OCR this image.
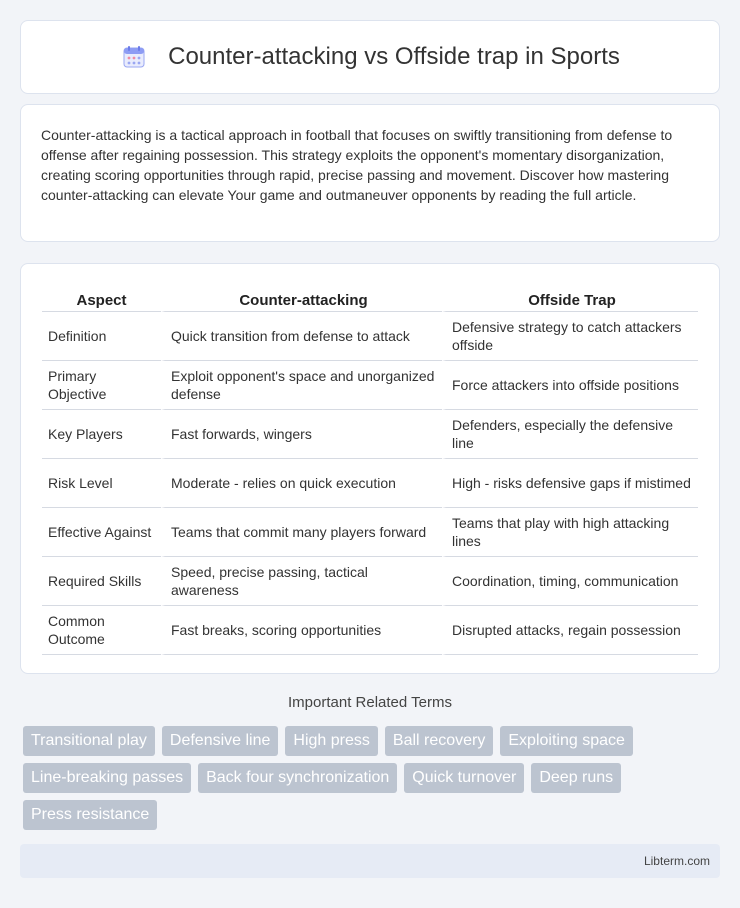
Counter-attacking vs Offside trap in Sports

Counter-attacking is a tactical approach in football that focuses on swiftly transitioning from defense to offense after regaining possession. This strategy exploits the opponent's momentary disorganization, creating scoring opportunities through rapid, precise passing and movement. Discover how mastering counter-attacking can elevate Your game and outmaneuver opponents by reading the full article.

Aspect	Counter-attacking	Offside Trap
Definition	Quick transition from defense to attack	Defensive strategy to catch attackers offside
Primary Objective	Exploit opponent's space and unorganized defense	Force attackers into offside positions
Key Players	Fast forwards, wingers	Defenders, especially the defensive line
Risk Level	Moderate - relies on quick execution	High - risks defensive gaps if mistimed
Effective Against	Teams that commit many players forward	Teams that play with high attacking lines
Required Skills	Speed, precise passing, tactical awareness	Coordination, timing, communication
Common Outcome	Fast breaks, scoring opportunities	Disrupted attacks, regain possession
Important Related Terms
Transitional play	Defensive line	High press	Ball recovery	Exploiting space
Line-breaking passes	Back four synchronization	Quick turnover	Deep runs
Press resistance
Libterm.com
